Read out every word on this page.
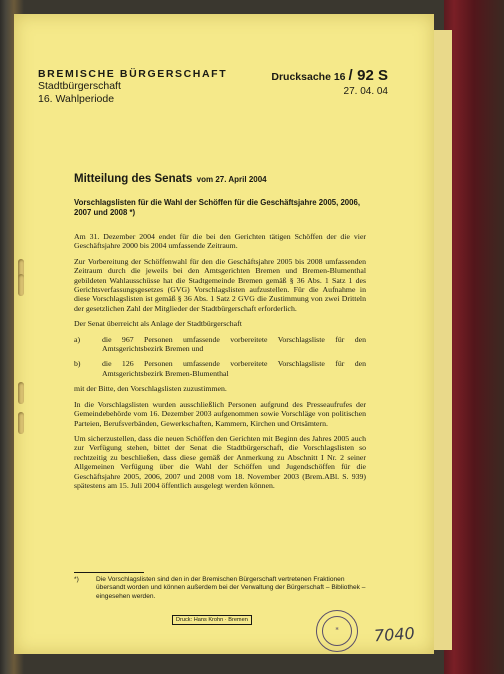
BREMISCHE BÜRGERSCHAFT
Stadtbürgerschaft
16. Wahlperiode
Drucksache 16 / 92 S
27. 04. 04
Mitteilung des Senats vom 27. April 2004
Vorschlagslisten für die Wahl der Schöffen für die Geschäftsjahre 2005, 2006, 2007 und 2008 *)

Am 31. Dezember 2004 endet für die bei den Gerichten tätigen Schöffen der die vier Geschäftsjahre 2000 bis 2004 umfassende Zeitraum.

Zur Vorbereitung der Schöffenwahl für den die Geschäftsjahre 2005 bis 2008 umfassenden Zeitraum durch die jeweils bei den Amtsgerichten Bremen und Bremen-Blumenthal gebildeten Wahlausschüsse hat die Stadtgemeinde Bremen gemäß § 36 Abs. 1 Satz 1 des Gerichtsverfassungsgesetzes (GVG) Vorschlagslisten aufzustellen. Für die Aufnahme in diese Vorschlagslisten ist gemäß § 36 Abs. 1 Satz 2 GVG die Zustimmung von zwei Dritteln der gesetzlichen Zahl der Mitglieder der Stadtbürgerschaft erforderlich.

Der Senat überreicht als Anlage der Stadtbürgerschaft

a)	die 967 Personen umfassende vorbereitete Vorschlagsliste für den Amtsgerichtsbezirk Bremen und
b)	die 126 Personen umfassende vorbereitete Vorschlagsliste für den Amtsgerichtsbezirk Bremen-Blumenthal

mit der Bitte, den Vorschlagslisten zuzustimmen.

In die Vorschlagslisten wurden ausschließlich Personen aufgrund des Presseaufrufes der Gemeindebehörde vom 16. Dezember 2003 aufgenommen sowie Vorschläge von politischen Parteien, Berufsverbänden, Gewerkschaften, Kammern, Kirchen und Ortsämtern.

Um sicherzustellen, dass die neuen Schöffen den Gerichten mit Beginn des Jahres 2005 auch zur Verfügung stehen, bittet der Senat die Stadtbürgerschaft, die Vorschlagslisten so rechtzeitig zu beschließen, dass diese gemäß der Anmerkung zu Abschnitt I Nr. 2 seiner Allgemeinen Verfügung über die Wahl der Schöffen und Jugendschöffen für die Geschäftsjahre 2005, 2006, 2007 und 2008 vom 18. November 2003 (Brem.ABl. S. 939) spätestens am 15. Juli 2004 öffentlich ausgelegt werden können.

*)	Die Vorschlagslisten sind den in der Bremischen Bürgerschaft vertretenen Fraktionen übersandt worden und können außerdem bei der Verwaltung der Bürgerschaft – Bibliothek – eingesehen werden.
Druck: Hans Krohn · Bremen
✻	7040
